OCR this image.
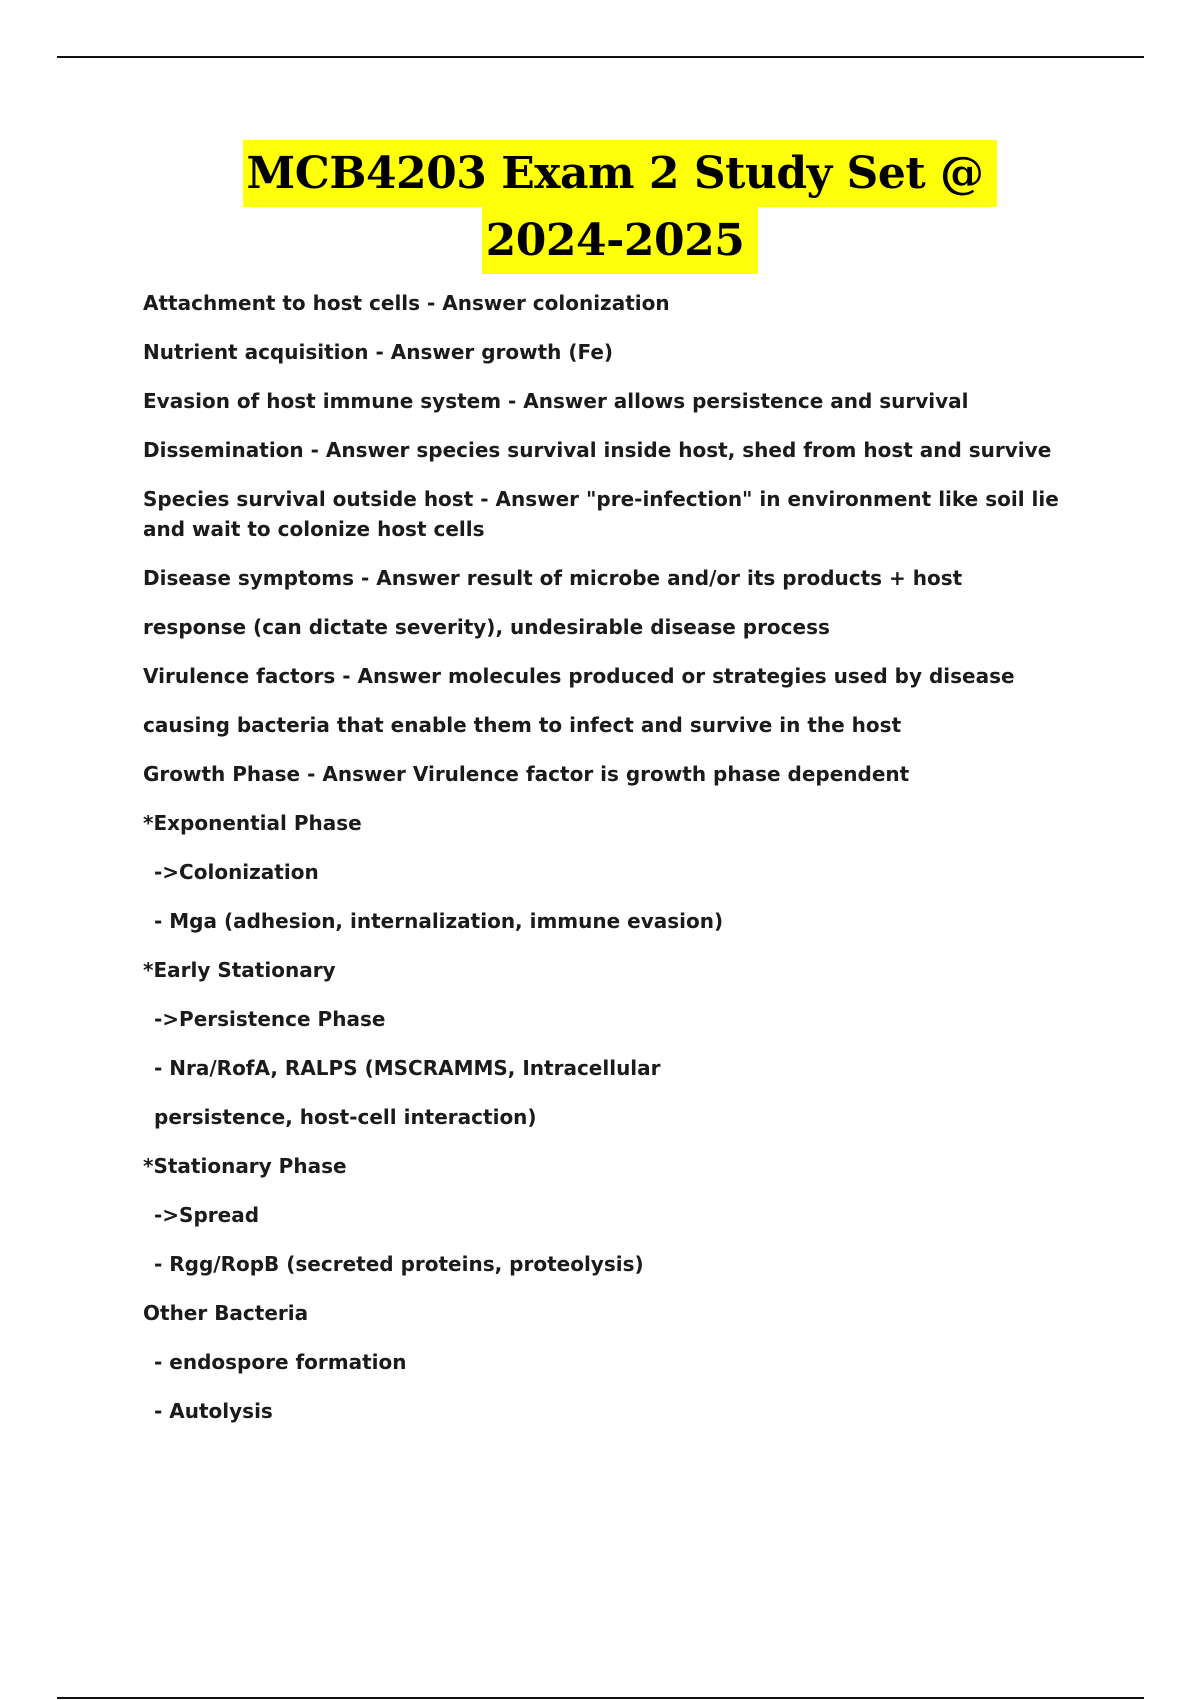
MCB4203 Exam 2 Study Set @
2024-2025
Attachment to host cells - Answer colonization
Nutrient acquisition - Answer growth (Fe)
Evasion of host immune system - Answer allows persistence and survival
Dissemination - Answer species survival inside host, shed from host and survive
Species survival outside host - Answer "pre-infection" in environment like soil lie and wait to colonize host cells
Disease symptoms - Answer result of microbe and/or its products + host
response (can dictate severity), undesirable disease process
Virulence factors - Answer molecules produced or strategies used by disease
causing bacteria that enable them to infect and survive in the host
Growth Phase - Answer Virulence factor is growth phase dependent
*Exponential Phase
->Colonization
- Mga (adhesion, internalization, immune evasion)
*Early Stationary
->Persistence Phase
- Nra/RofA, RALPS (MSCRAMMS, Intracellular
persistence, host-cell interaction)
*Stationary Phase
->Spread
- Rgg/RopB (secreted proteins, proteolysis)
Other Bacteria
- endospore formation
- Autolysis
